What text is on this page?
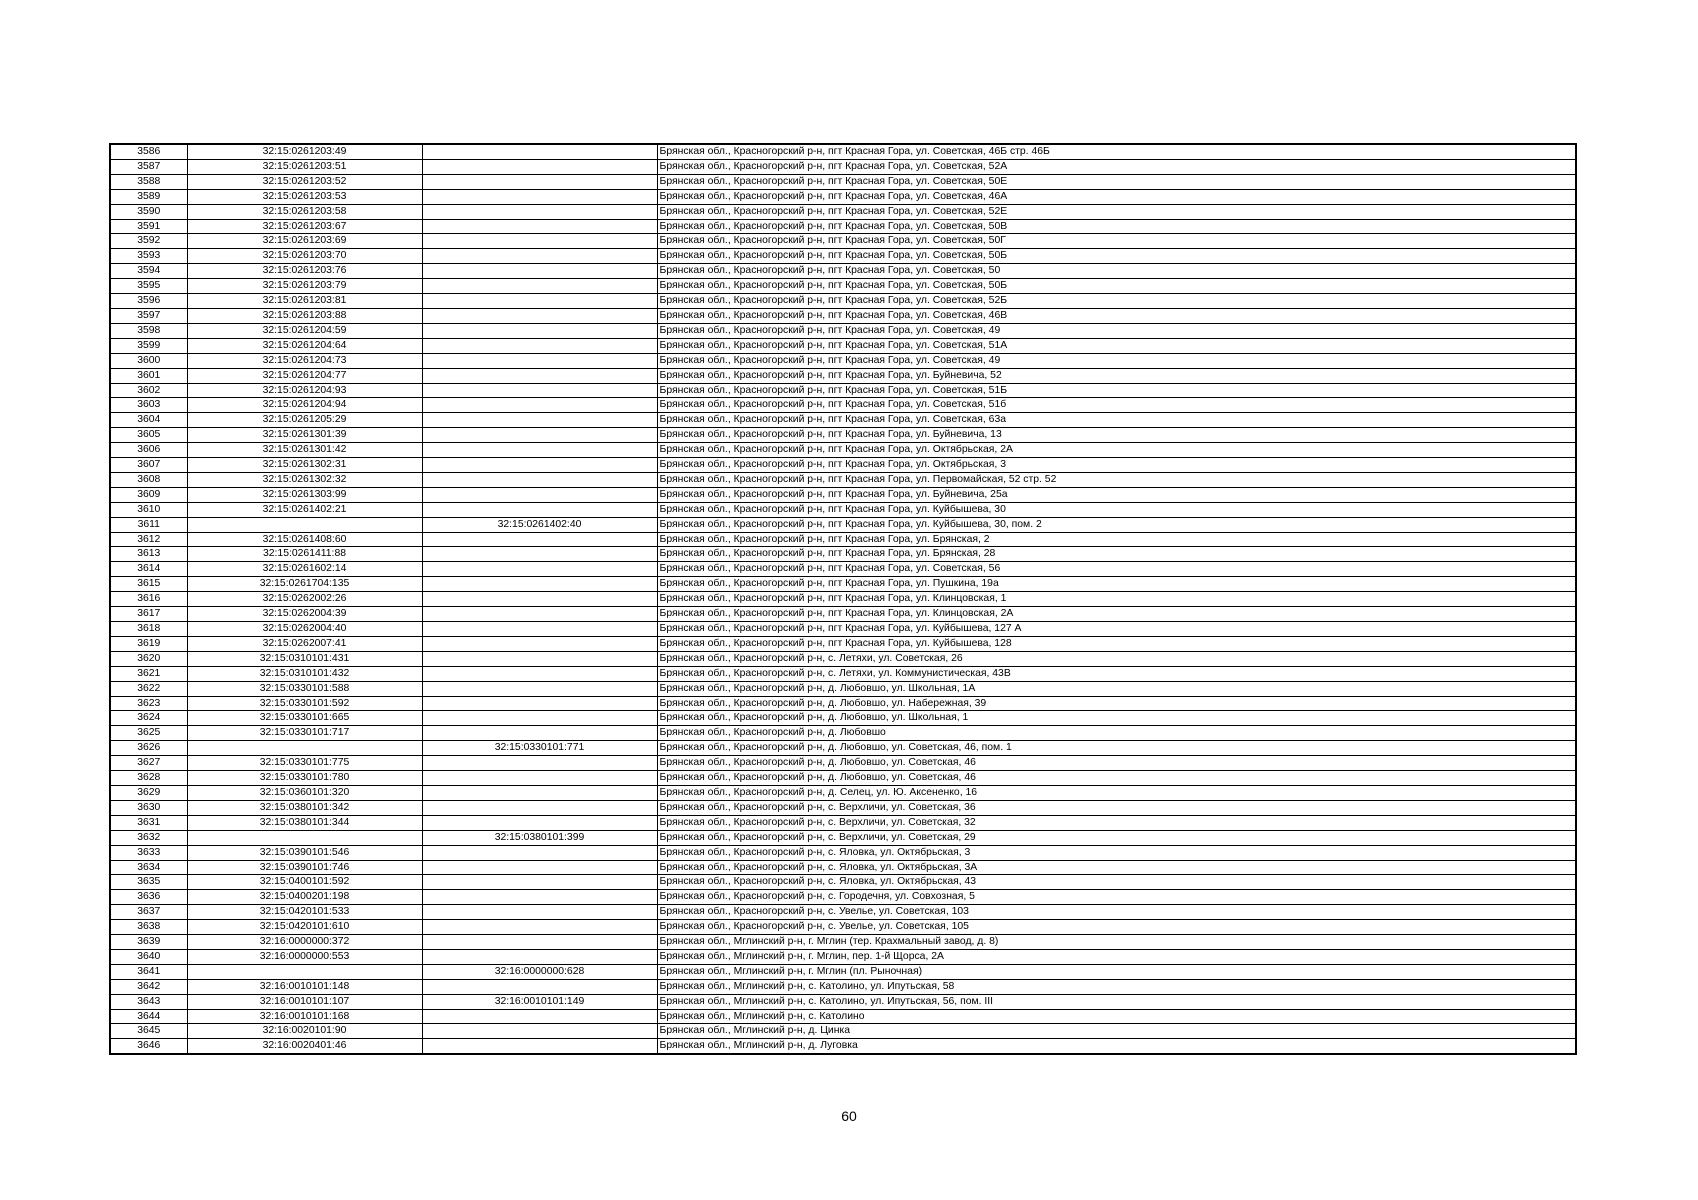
3586	32:15:0261203:49		Брянская обл., Красногорский р-н, пгт Красная Гора, ул. Советская, 46Б стр. 46Б
3587	32:15:0261203:51		Брянская обл., Красногорский р-н, пгт Красная Гора, ул. Советская, 52А
3588	32:15:0261203:52		Брянская обл., Красногорский р-н, пгт Красная Гора, ул. Советская, 50Е
3589	32:15:0261203:53		Брянская обл., Красногорский р-н, пгт Красная Гора, ул. Советская, 46А
3590	32:15:0261203:58		Брянская обл., Красногорский р-н, пгт Красная Гора, ул. Советская, 52Е
3591	32:15:0261203:67		Брянская обл., Красногорский р-н, пгт Красная Гора, ул. Советская, 50В
3592	32:15:0261203:69		Брянская обл., Красногорский р-н, пгт Красная Гора, ул. Советская, 50Г
3593	32:15:0261203:70		Брянская обл., Красногорский р-н, пгт Красная Гора, ул. Советская, 50Б
3594	32:15:0261203:76		Брянская обл., Красногорский р-н, пгт Красная Гора, ул. Советская, 50
3595	32:15:0261203:79		Брянская обл., Красногорский р-н, пгт Красная Гора, ул. Советская, 50Б
3596	32:15:0261203:81		Брянская обл., Красногорский р-н, пгт Красная Гора, ул. Советская, 52Б
3597	32:15:0261203:88		Брянская обл., Красногорский р-н, пгт Красная Гора, ул. Советская, 46В
3598	32:15:0261204:59		Брянская обл., Красногорский р-н, пгт Красная Гора, ул. Советская, 49
3599	32:15:0261204:64		Брянская обл., Красногорский р-н, пгт Красная Гора, ул. Советская, 51А
3600	32:15:0261204:73		Брянская обл., Красногорский р-н, пгт Красная Гора, ул. Советская, 49
3601	32:15:0261204:77		Брянская обл., Красногорский р-н, пгт Красная Гора, ул. Буйневича, 52
3602	32:15:0261204:93		Брянская обл., Красногорский р-н, пгт Красная Гора, ул. Советская, 51Б
3603	32:15:0261204:94		Брянская обл., Красногорский р-н, пгт Красная Гора, ул. Советская, 51б
3604	32:15:0261205:29		Брянская обл., Красногорский р-н, пгт Красная Гора, ул. Советская, 63а
3605	32:15:0261301:39		Брянская обл., Красногорский р-н, пгт Красная Гора, ул. Буйневича, 13
3606	32:15:0261301:42		Брянская обл., Красногорский р-н, пгт Красная Гора, ул. Октябрьская, 2А
3607	32:15:0261302:31		Брянская обл., Красногорский р-н, пгт Красная Гора, ул. Октябрьская, 3
3608	32:15:0261302:32		Брянская обл., Красногорский р-н, пгт Красная Гора, ул. Первомайская, 52 стр. 52
3609	32:15:0261303:99		Брянская обл., Красногорский р-н, пгт Красная Гора, ул. Буйневича, 25а
3610	32:15:0261402:21		Брянская обл., Красногорский р-н, пгт Красная Гора, ул. Куйбышева, 30
3611		32:15:0261402:40	Брянская обл., Красногорский р-н, пгт Красная Гора, ул. Куйбышева, 30, пом. 2
3612	32:15:0261408:60		Брянская обл., Красногорский р-н, пгт Красная Гора, ул. Брянская, 2
3613	32:15:0261411:88		Брянская обл., Красногорский р-н, пгт Красная Гора, ул. Брянская, 28
3614	32:15:0261602:14		Брянская обл., Красногорский р-н, пгт Красная Гора, ул. Советская, 56
3615	32:15:0261704:135		Брянская обл., Красногорский р-н, пгт Красная Гора, ул. Пушкина, 19а
3616	32:15:0262002:26		Брянская обл., Красногорский р-н, пгт Красная Гора, ул. Клинцовская, 1
3617	32:15:0262004:39		Брянская обл., Красногорский р-н, пгт Красная Гора, ул. Клинцовская, 2А
3618	32:15:0262004:40		Брянская обл., Красногорский р-н, пгт Красная Гора, ул. Куйбышева, 127 А
3619	32:15:0262007:41		Брянская обл., Красногорский р-н, пгт Красная Гора, ул. Куйбышева, 128
3620	32:15:0310101:431		Брянская обл., Красногорский р-н, с. Летяхи, ул. Советская, 26
3621	32:15:0310101:432		Брянская обл., Красногорский р-н, с. Летяхи, ул. Коммунистическая, 43В
3622	32:15:0330101:588		Брянская обл., Красногорский р-н, д. Любовшо, ул. Школьная, 1А
3623	32:15:0330101:592		Брянская обл., Красногорский р-н, д. Любовшо, ул. Набережная, 39
3624	32:15:0330101:665		Брянская обл., Красногорский р-н, д. Любовшо, ул. Школьная, 1
3625	32:15:0330101:717		Брянская обл., Красногорский р-н, д. Любовшо
3626		32:15:0330101:771	Брянская обл., Красногорский р-н, д. Любовшо, ул. Советская, 46, пом. 1
3627	32:15:0330101:775		Брянская обл., Красногорский р-н, д. Любовшо, ул. Советская, 46
3628	32:15:0330101:780		Брянская обл., Красногорский р-н, д. Любовшо, ул. Советская, 46
3629	32:15:0360101:320		Брянская обл., Красногорский р-н, д. Селец, ул. Ю. Аксененко, 16
3630	32:15:0380101:342		Брянская обл., Красногорский р-н, с. Верхличи, ул. Советская, 36
3631	32:15:0380101:344		Брянская обл., Красногорский р-н, с. Верхличи, ул. Советская, 32
3632		32:15:0380101:399	Брянская обл., Красногорский р-н, с. Верхличи, ул. Советская, 29
3633	32:15:0390101:546		Брянская обл., Красногорский р-н, с. Яловка, ул. Октябрьская, 3
3634	32:15:0390101:746		Брянская обл., Красногорский р-н, с. Яловка, ул. Октябрьская, 3А
3635	32:15:0400101:592		Брянская обл., Красногорский р-н, с. Яловка, ул. Октябрьская, 43
3636	32:15:0400201:198		Брянская обл., Красногорский р-н, с. Городечня, ул. Совхозная, 5
3637	32:15:0420101:533		Брянская обл., Красногорский р-н, с. Увелье, ул. Советская, 103
3638	32:15:0420101:610		Брянская обл., Красногорский р-н, с. Увелье, ул. Советская, 105
3639	32:16:0000000:372		Брянская обл., Мглинский р-н, г. Мглин (тер. Крахмальный завод, д. 8)
3640	32:16:0000000:553		Брянская обл., Мглинский р-н, г. Мглин, пер. 1-й Щорса, 2А
3641		32:16:0000000:628	Брянская обл., Мглинский р-н, г. Мглин (пл. Рыночная)
3642	32:16:0010101:148		Брянская обл., Мглинский р-н, с. Католино, ул. Ипутьская, 58
3643	32:16:0010101:107	32:16:0010101:149	Брянская обл., Мглинский р-н, с. Католино, ул. Ипутьская, 56, пом. III
3644	32:16:0010101:168		Брянская обл., Мглинский р-н, с. Католино
3645	32:16:0020101:90		Брянская обл., Мглинский р-н, д. Цинка
3646	32:16:0020401:46		Брянская обл., Мглинский р-н, д. Луговка
60
